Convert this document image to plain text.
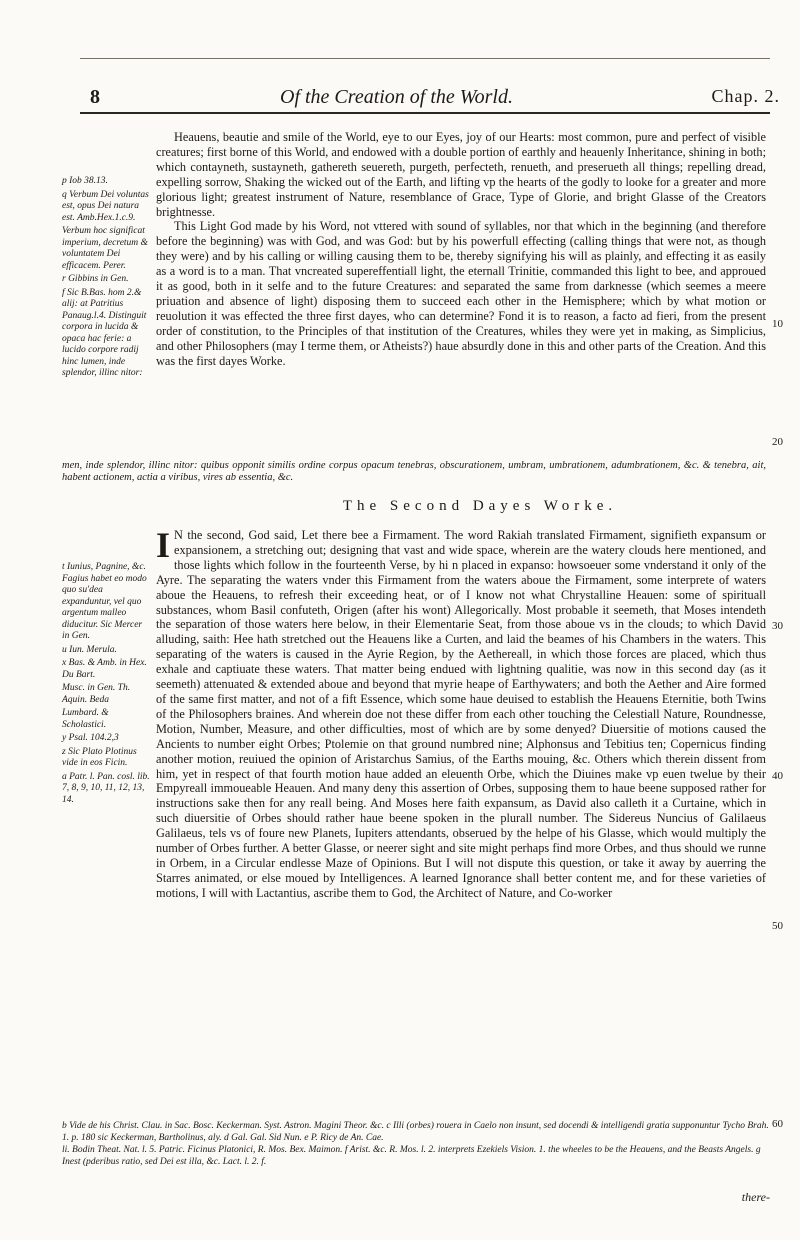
8	Of the Creation of the World.	Chap. 2.

p Iob 38.13.

q Verbum Dei voluntas est, opus Dei natura est. Amb.Hex.1.c.9.

Verbum hoc significat imperium, decretum & voluntatem Dei efficacem. Perer.

r Gibbins in Gen.

f Sic B.Bas. hom 2.& alij: at Patritius Panaug.l.4. Distinguit corpora in lucida & opaca hac ferie: a lucido corpore radij hinc lumen, inde splendor, illinc nitor:

Heauens, beautie and smile of the World, eye to our Eyes, joy of our Hearts: most common, pure and perfect of visible creatures; first borne of this World, and endowed with a double portion of earthly and heauenly Inheritance, shining in both; which contayneth, sustayneth, gathereth seuereth, purgeth, perfecteth, renueth, and preserueth all things; repelling dread, expelling sorrow, Shaking the wicked out of the Earth, and lifting vp the hearts of the godly to looke for a greater and more glorious light; greatest instrument of Nature, resemblance of Grace, Type of Glorie, and bright Glasse of the Creators brightnesse.

This Light God made by his Word, not vttered with sound of syllables, nor that which in the beginning (and therefore before the beginning) was with God, and was God: but by his powerfull effecting (calling things that were not, as though they were) and by his calling or willing causing them to be, thereby signifying his will as plainly, and effecting it as easily as a word is to a man. That vncreated supereffentiall light, the eternall Trinitie, commanded this light to bee, and approued it as good, both in it selfe and to the future Creatures: and separated the same from darknesse (which seemes a meere priuation and absence of light) disposing them to succeed each other in the Hemisphere; which by what motion or reuolution it was effected the three first dayes, who can determine? Fond it is to reason, a facto ad fieri, from the present order of constitution, to the Principles of that institution of the Creatures, whiles they were yet in making, as Simplicius, and other Philosophers (may I terme them, or Atheists?) haue absurdly done in this and other parts of the Creation. And this was the first dayes Worke.

men, inde splendor, illinc nitor: quibus opponit similis ordine corpus opacum tenebras, obscurationem, umbram, umbrationem, adumbrationem, &c. & tenebra, ait, habent actionem, actia a viribus, vires ab essentia, &c.

The Second Dayes Worke.

t Iunius, Pagnine, &c. Fagius habet eo modo quo su'dea expanduntur, vel quo argentum malleo diducitur. Sic Mercer in Gen.

u Iun. Merula.

x Bas. & Amb. in Hex. Du Bart.

Musc. in Gen. Th. Aquin. Beda

Lumbard. & Scholastici.

y Psal. 104.2,3

z Sic Plato Plotinus vide in eos Ficin.

a Patr. l. Pan. cosl. lib. 7, 8, 9, 10, 11, 12, 13, 14.

I N the second, God said, Let there bee a Firmament. The word Rakiah translated Firmament, signifieth expansum or expansionem, a stretching out; designing that vast and wide space, wherein are the watery clouds here mentioned, and those lights which follow in the fourteenth Verse, by hi n placed in expanso: howsoeuer some vnderstand it only of the Ayre. The separating the waters vnder this Firmament from the waters aboue the Firmament, some interprete of waters aboue the Heauens, to refresh their exceeding heat, or of I know not what Chrystalline Heauen: some of spirituall substances, whom Basil confuteth, Origen (after his wont) Allegorically. Most probable it seemeth, that Moses intendeth the separation of those waters here below, in their Elementarie Seat, from those aboue vs in the clouds; to which David alluding, saith: Hee hath stretched out the Heauens like a Curten, and laid the beames of his Chambers in the waters. This separating of the waters is caused in the Ayrie Region, by the Aethereall, in which those forces are placed, which thus exhale and captiuate these waters. That matter being endued with lightning qualitie, was now in this second day (as it seemeth) attenuated & extended aboue and beyond that myrie heape of Earthywaters; and both the Aether and Aire formed of the same first matter, and not of a fift Essence, which some haue deuised to establish the Heauens Eternitie, both Twins of the Philosophers braines. And wherein doe not these differ from each other touching the Celestiall Nature, Roundnesse, Motion, Number, Measure, and other difficulties, most of which are by some denyed? Diuersitie of motions caused the Ancients to number eight Orbes; Ptolemie on that ground numbred nine; Alphonsus and Tebitius ten; Copernicus finding another motion, reuiued the opinion of Aristarchus Samius, of the Earths mouing, &c. Others which therein dissent from him, yet in respect of that fourth motion haue added an eleuenth Orbe, which the Diuines make vp euen twelue by their Empyreall immoueable Heauen. And many deny this assertion of Orbes, supposing them to haue beene supposed rather for instructions sake then for any reall being. And Moses here faith expansum, as David also calleth it a Curtaine, which in such diuersitie of Orbes should rather haue beene spoken in the plurall number. The Sidereus Nuncius of Galilaeus Galilaeus, tels vs of foure new Planets, Iupiters attendants, obserued by the helpe of his Glasse, which would multiply the number of Orbes further. A better Glasse, or neerer sight and site might perhaps find more Orbes, and thus should we runne in Orbem, in a Circular endlesse Maze of Opinions. But I will not dispute this question, or take it away by auerring the Starres animated, or else moued by Intelligences. A learned Ignorance shall better content me, and for these varieties of motions, I will with Lactantius, ascribe them to God, the Architect of Nature, and Co-worker

10
20
30
40
50
60

b Vide de his Christ. Clau. in Sac. Bosc. Keckerman. Syst. Astron. Magini Theor. &c. c Illi (orbes) rouera in Caelo non insunt, sed docendi & intelligendi gratia supponuntur Tycho Brah. 1. p. 180 sic Keckerman, Bartholinus, aly. d Gal. Gal. Sid Nun. e P. Ricy de An. Cae.

li. Bodin Theat. Nat. l. 5. Patric. Ficinus Platonici, R. Mos. Bex. Maimon. f Arist. &c. R. Mos. l. 2. interprets Ezekiels Vision. 1. the wheeles to be the Heauens, and the Beasts Angels. g Inest (pderibus ratio, sed Dei est illa, &c. Lact. l. 2. f.

there-
